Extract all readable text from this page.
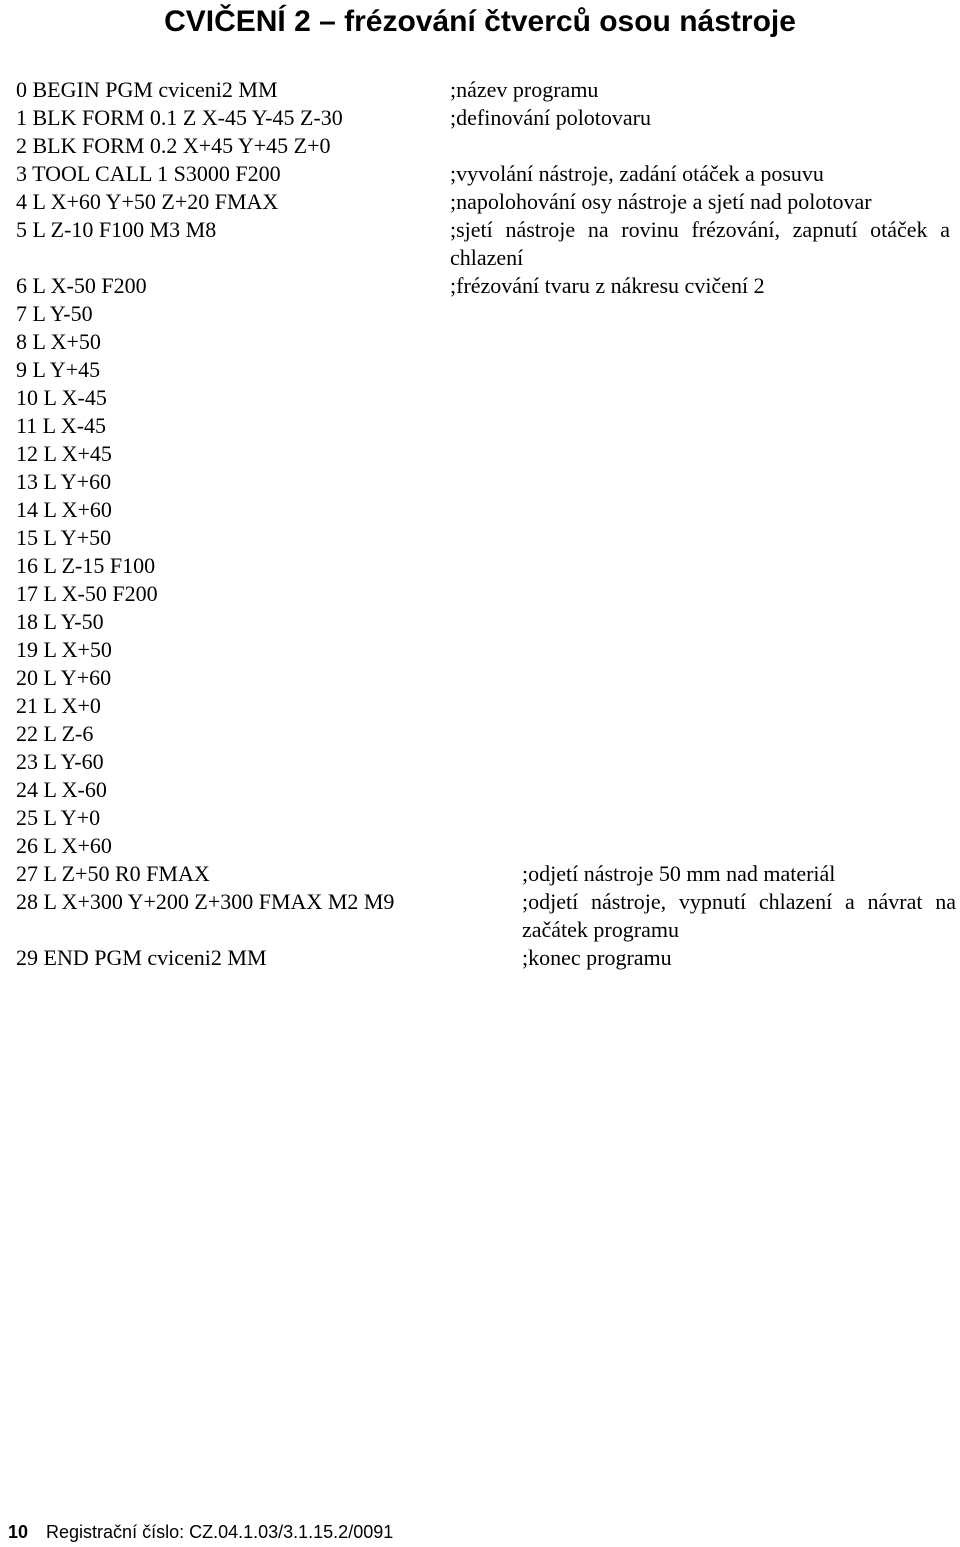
CVIČENÍ 2 – frézování čtverců osou nástroje
0 BEGIN PGM cviceni2 MM	;název programu
1 BLK FORM 0.1 Z X-45 Y-45 Z-30	;definování polotovaru
2 BLK FORM 0.2 X+45 Y+45 Z+0
3 TOOL CALL 1 S3000 F200	;vyvolání nástroje, zadání otáček a posuvu
4 L X+60 Y+50 Z+20 FMAX	;napolohování osy nástroje a sjetí nad polotovar
5 L Z-10 F100 M3 M8	;sjetí nástroje na rovinu frézování, zapnutí otáček a chlazení
6 L X-50 F200	;frézování tvaru z nákresu cvičení 2
7 L Y-50
8 L X+50
9 L Y+45
10 L X-45
11 L X-45
12 L X+45
13 L Y+60
14 L X+60
15 L Y+50
16 L Z-15 F100
17 L X-50 F200
18 L Y-50
19 L X+50
20 L Y+60
21 L X+0
22 L Z-6
23 L Y-60
24 L X-60
25 L Y+0
26 L X+60
27 L Z+50 R0 FMAX	;odjetí nástroje 50 mm nad materiál
28 L X+300 Y+200 Z+300 FMAX M2 M9	;odjetí nástroje, vypnutí chlazení a návrat na začátek programu
29 END PGM cviceni2 MM	;konec programu
10 Registrační číslo: CZ.04.1.03/3.1.15.2/0091
